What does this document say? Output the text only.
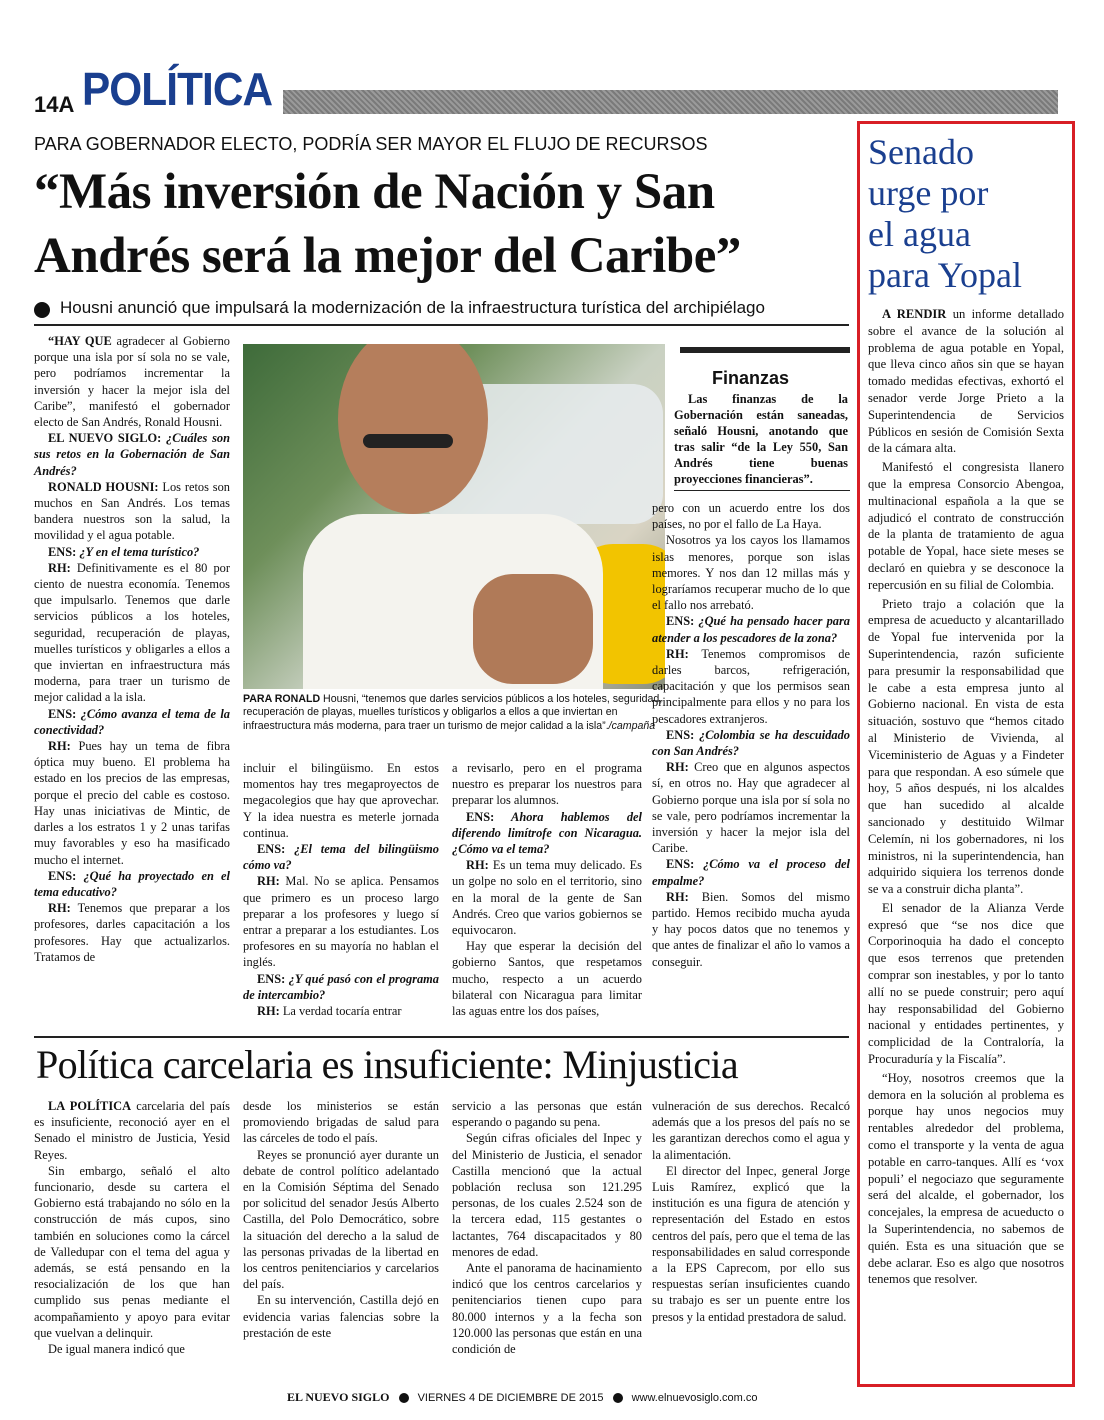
14A POLÍTICA
PARA GOBERNADOR ELECTO, PODRÍA SER MAYOR EL FLUJO DE RECURSOS
“Más inversión de Nación y San
Andrés será la mejor del Caribe”
Housni anunció que impulsará la modernización de la infraestructura turística del archipiélago

“HAY QUE agradecer al Gobierno porque una isla por sí sola no se vale, pero podríamos incrementar la inversión y hacer la mejor isla del Caribe”, manifestó el gobernador electo de San Andrés, Ronald Housni.

EL NUEVO SIGLO: ¿Cuáles son sus retos en la Gobernación de San Andrés?

RONALD HOUSNI: Los retos son muchos en San Andrés. Los temas bandera nuestros son la salud, la movilidad y el agua potable.

ENS: ¿Y en el tema turístico?

RH: Definitivamente es el 80 por ciento de nuestra economía. Tenemos que impulsarlo. Tenemos que darle servicios públicos a los hoteles, seguridad, recuperación de playas, muelles turísticos y obligarles a ellos a que inviertan en infraestructura más moderna, para traer un turismo de mejor calidad a la isla.

ENS: ¿Cómo avanza el tema de la conectividad?

RH: Pues hay un tema de fibra óptica muy bueno. El problema ha estado en los precios de las empresas, porque el precio del cable es costoso. Hay unas iniciativas de Mintic, de darles a los estratos 1 y 2 unas tarifas muy favorables y eso ha masificado mucho el internet.

ENS: ¿Qué ha proyectado en el tema educativo?

RH: Tenemos que preparar a los profesores, darles capacitación a los profesores. Hay que actualizarlos. Tratamos de

PARA RONALD Housni, “tenemos que darles servicios públicos a los hoteles, seguridad, recuperación de playas, muelles turísticos y obligarlos a ellos a que inviertan en infraestructura más moderna, para traer un turismo de mejor calidad a la isla”./campaña
Finanzas
Las finanzas de la Gobernación están saneadas, señaló Housni, anotando que tras salir “de la Ley 550, San Andrés tiene buenas proyecciones financieras”.

pero con un acuerdo entre los dos países, no por el fallo de La Haya.

Nosotros ya los cayos los llamamos islas menores, porque son islas memores. Y nos dan 12 millas más y lograríamos recuperar mucho de lo que el fallo nos arrebató.

ENS: ¿Qué ha pensado hacer para atender a los pescadores de la zona?

RH: Tenemos compromisos de darles barcos, refrigeración, capacitación y que los permisos sean principalmente para ellos y no para los pescadores extranjeros.

ENS: ¿Colombia se ha descuidado con San Andrés?

RH: Creo que en algunos aspectos sí, en otros no. Hay que agradecer al Gobierno porque una isla por sí sola no se vale, pero podríamos incrementar la inversión y hacer la mejor isla del Caribe.

ENS: ¿Cómo va el proceso del empalme?

RH: Bien. Somos del mismo partido. Hemos recibido mucha ayuda y hay pocos datos que no tenemos y que antes de finalizar el año lo vamos a conseguir.

incluir el bilingüismo. En estos momentos hay tres megaproyectos de megacolegios que hay que aprovechar. Y la idea nuestra es meterle jornada continua.

ENS: ¿El tema del bilingüismo cómo va?

RH: Mal. No se aplica. Pensamos que primero es un proceso largo preparar a los profesores y luego sí entrar a preparar a los estudiantes. Los profesores en su mayoría no hablan el inglés.

ENS: ¿Y qué pasó con el programa de intercambio?

RH: La verdad tocaría entrar

a revisarlo, pero en el programa nuestro es preparar los nuestros para preparar los alumnos.

ENS: Ahora hablemos del diferendo limítrofe con Nicaragua. ¿Cómo va el tema?

RH: Es un tema muy delicado. Es un golpe no solo en el territorio, sino en la moral de la gente de San Andrés. Creo que varios gobiernos se equivocaron.

Hay que esperar la decisión del gobierno Santos, que respetamos mucho, respecto a un acuerdo bilateral con Nicaragua para limitar las aguas entre los dos países,

Política carcelaria es insuficiente: Minjusticia

LA POLÍTICA carcelaria del país es insuficiente, reconoció ayer en el Senado el ministro de Justicia, Yesid Reyes.

Sin embargo, señaló el alto funcionario, desde su cartera el Gobierno está trabajando no sólo en la construcción de más cupos, sino también en soluciones como la cárcel de Valledupar con el tema del agua y además, se está pensando en la resocialización de los que han cumplido sus penas mediante el acompañamiento y apoyo para evitar que vuelvan a delinquir.

De igual manera indicó que

desde los ministerios se están promoviendo brigadas de salud para las cárceles de todo el país.

Reyes se pronunció ayer durante un debate de control político adelantado en la Comisión Séptima del Senado por solicitud del senador Jesús Alberto Castilla, del Polo Democrático, sobre la situación del derecho a la salud de las personas privadas de la libertad en los centros penitenciarios y carcelarios del país.

En su intervención, Castilla dejó en evidencia varias falencias sobre la prestación de este

servicio a las personas que están esperando o pagando su pena.

Según cifras oficiales del Inpec y del Ministerio de Justicia, el senador Castilla mencionó que la actual población reclusa son 121.295 personas, de los cuales 2.524 son de la tercera edad, 115 gestantes o lactantes, 764 discapacitados y 80 menores de edad.

Ante el panorama de hacinamiento indicó que los centros carcelarios y penitenciarios tienen cupo para 80.000 internos y a la fecha son 120.000 las personas que están en una condición de

vulneración de sus derechos. Recalcó además que a los presos del país no se les garantizan derechos como el agua y la alimentación.

El director del Inpec, general Jorge Luis Ramírez, explicó que la institución es una figura de atención y representación del Estado en estos centros del país, pero que el tema de las responsabilidades en salud corresponde a la EPS Caprecom, por ello sus respuestas serían insuficientes cuando su trabajo es ser un puente entre los presos y la entidad prestadora de salud.

Senado
urge por
el agua
para Yopal

A RENDIR un informe detallado sobre el avance de la solución al problema de agua potable en Yopal, que lleva cinco años sin que se hayan tomado medidas efectivas, exhortó el senador verde Jorge Prieto a la Superintendencia de Servicios Públicos en sesión de Comisión Sexta de la cámara alta.

Manifestó el congresista llanero que la empresa Consorcio Abengoa, multinacional española a la que se adjudicó el contrato de construcción de la planta de tratamiento de agua potable de Yopal, hace siete meses se declaró en quiebra y se desconoce la repercusión en su filial de Colombia.

Prieto trajo a colación que la empresa de acueducto y alcantarillado de Yopal fue intervenida por la Superintendencia, razón suficiente para presumir la responsabilidad que le cabe a esta empresa junto al Gobierno nacional. En vista de esta situación, sostuvo que “hemos citado al Ministerio de Vivienda, al Viceministerio de Aguas y a Findeter para que respondan. A eso súmele que hoy, 5 años después, ni los alcaldes que han sucedido al alcalde sancionado y destituido Wilmar Celemín, ni los gobernadores, ni los ministros, ni la superintendencia, han adquirido siquiera los terrenos donde se va a construir dicha planta”.

El senador de la Alianza Verde expresó que “se nos dice que Corporinoquia ha dado el concepto que esos terrenos que pretenden comprar son inestables, y por lo tanto allí no se puede construir; pero aquí hay responsabilidad del Gobierno nacional y entidades pertinentes, y complicidad de la Contraloría, la Procuraduría y la Fiscalía”.

“Hoy, nosotros creemos que la demora en la solución al problema es porque hay unos negocios muy rentables alrededor del problema, como el transporte y la venta de agua potable en carro-tanques. Allí es ‘vox populi’ el negociazo que seguramente será del alcalde, el gobernador, los concejales, la empresa de acueducto o la Superintendencia, no sabemos de quién. Esta es una situación que se debe aclarar. Eso es algo que nosotros tenemos que resolver.

EL NUEVO SIGLO	VIERNES 4 DE DICIEMBRE DE 2015	www.elnuevosiglo.com.co
